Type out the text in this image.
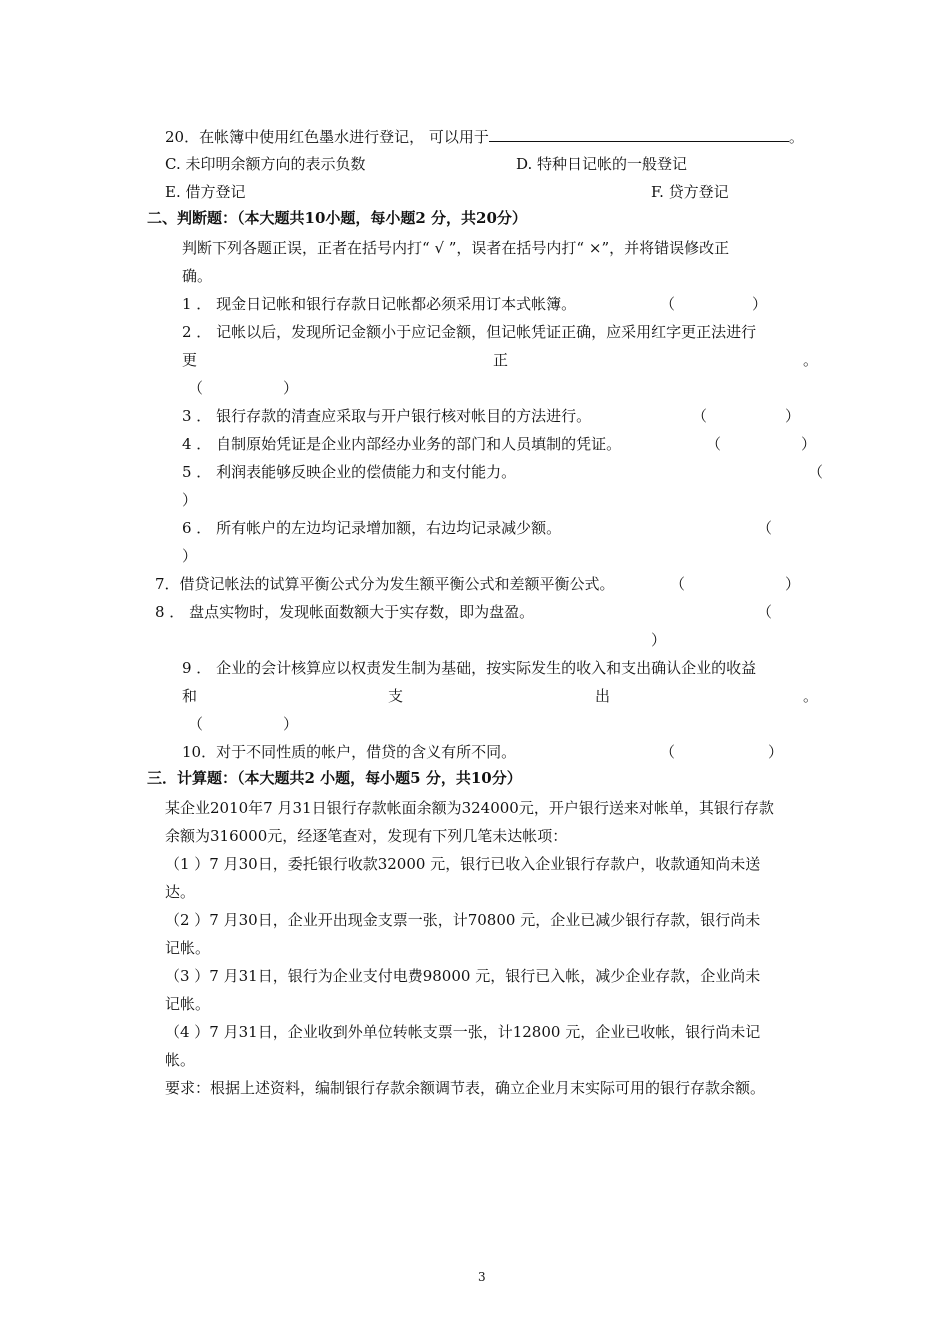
20．在帐簿中使用红色墨水进行登记， 可以用于	。
C. 未印明余额方向的表示负数	D. 特种日记帐的一般登记
E. 借方登记	F. 贷方登记
二、判断题：（本大题共10小题，每小题2 分，共20分）
判断下列各题正误，正者在括号内打“ √ ”，误者在括号内打“ ×”，并将错误修改正
确。
1 ． 现金日记帐和银行存款日记帐都必须采用订本式帐簿。	（	）
2 ． 记帐以后，发现所记金额小于应记金额，但记帐凭证正确，应采用红字更正法进行
更	正	。
（	）
3 ． 银行存款的清查应采取与开户银行核对帐目的方法进行。	（	）
4 ． 自制原始凭证是企业内部经办业务的部门和人员填制的凭证。	（	）
5 ． 利润表能够反映企业的偿债能力和支付能力。	（
）
6 ． 所有帐户的左边均记录增加额，右边均记录减少额。	（
）
7．借贷记帐法的试算平衡公式分为发生额平衡公式和差额平衡公式。	（	）
8 ． 盘点实物时，发现帐面数额大于实存数，即为盘盈。	（
）
9 ． 企业的会计核算应以权责发生制为基础，按实际发生的收入和支出确认企业的收益
和	支	出	。
（	）
10．对于不同性质的帐户，借贷的含义有所不同。	（	）
三．计算题：（本大题共2 小题，每小题5 分，共10分）
某企业2010年7 月31日银行存款帐面余额为324000元，开户银行送来对帐单，其银行存款
余额为316000元，经逐笔查对，发现有下列几笔未达帐项：
（1 ）7 月30日，委托银行收款32000 元，银行已收入企业银行存款户，收款通知尚未送
达。
（2 ）7 月30日，企业开出现金支票一张，计70800 元，企业已减少银行存款，银行尚未
记帐。
（3 ）7 月31日，银行为企业支付电费98000 元，银行已入帐，减少企业存款，企业尚未
记帐。
（4 ）7 月31日，企业收到外单位转帐支票一张，计12800 元，企业已收帐，银行尚未记
帐。
要求：根据上述资料，编制银行存款余额调节表，确立企业月末实际可用的银行存款余额。
3
